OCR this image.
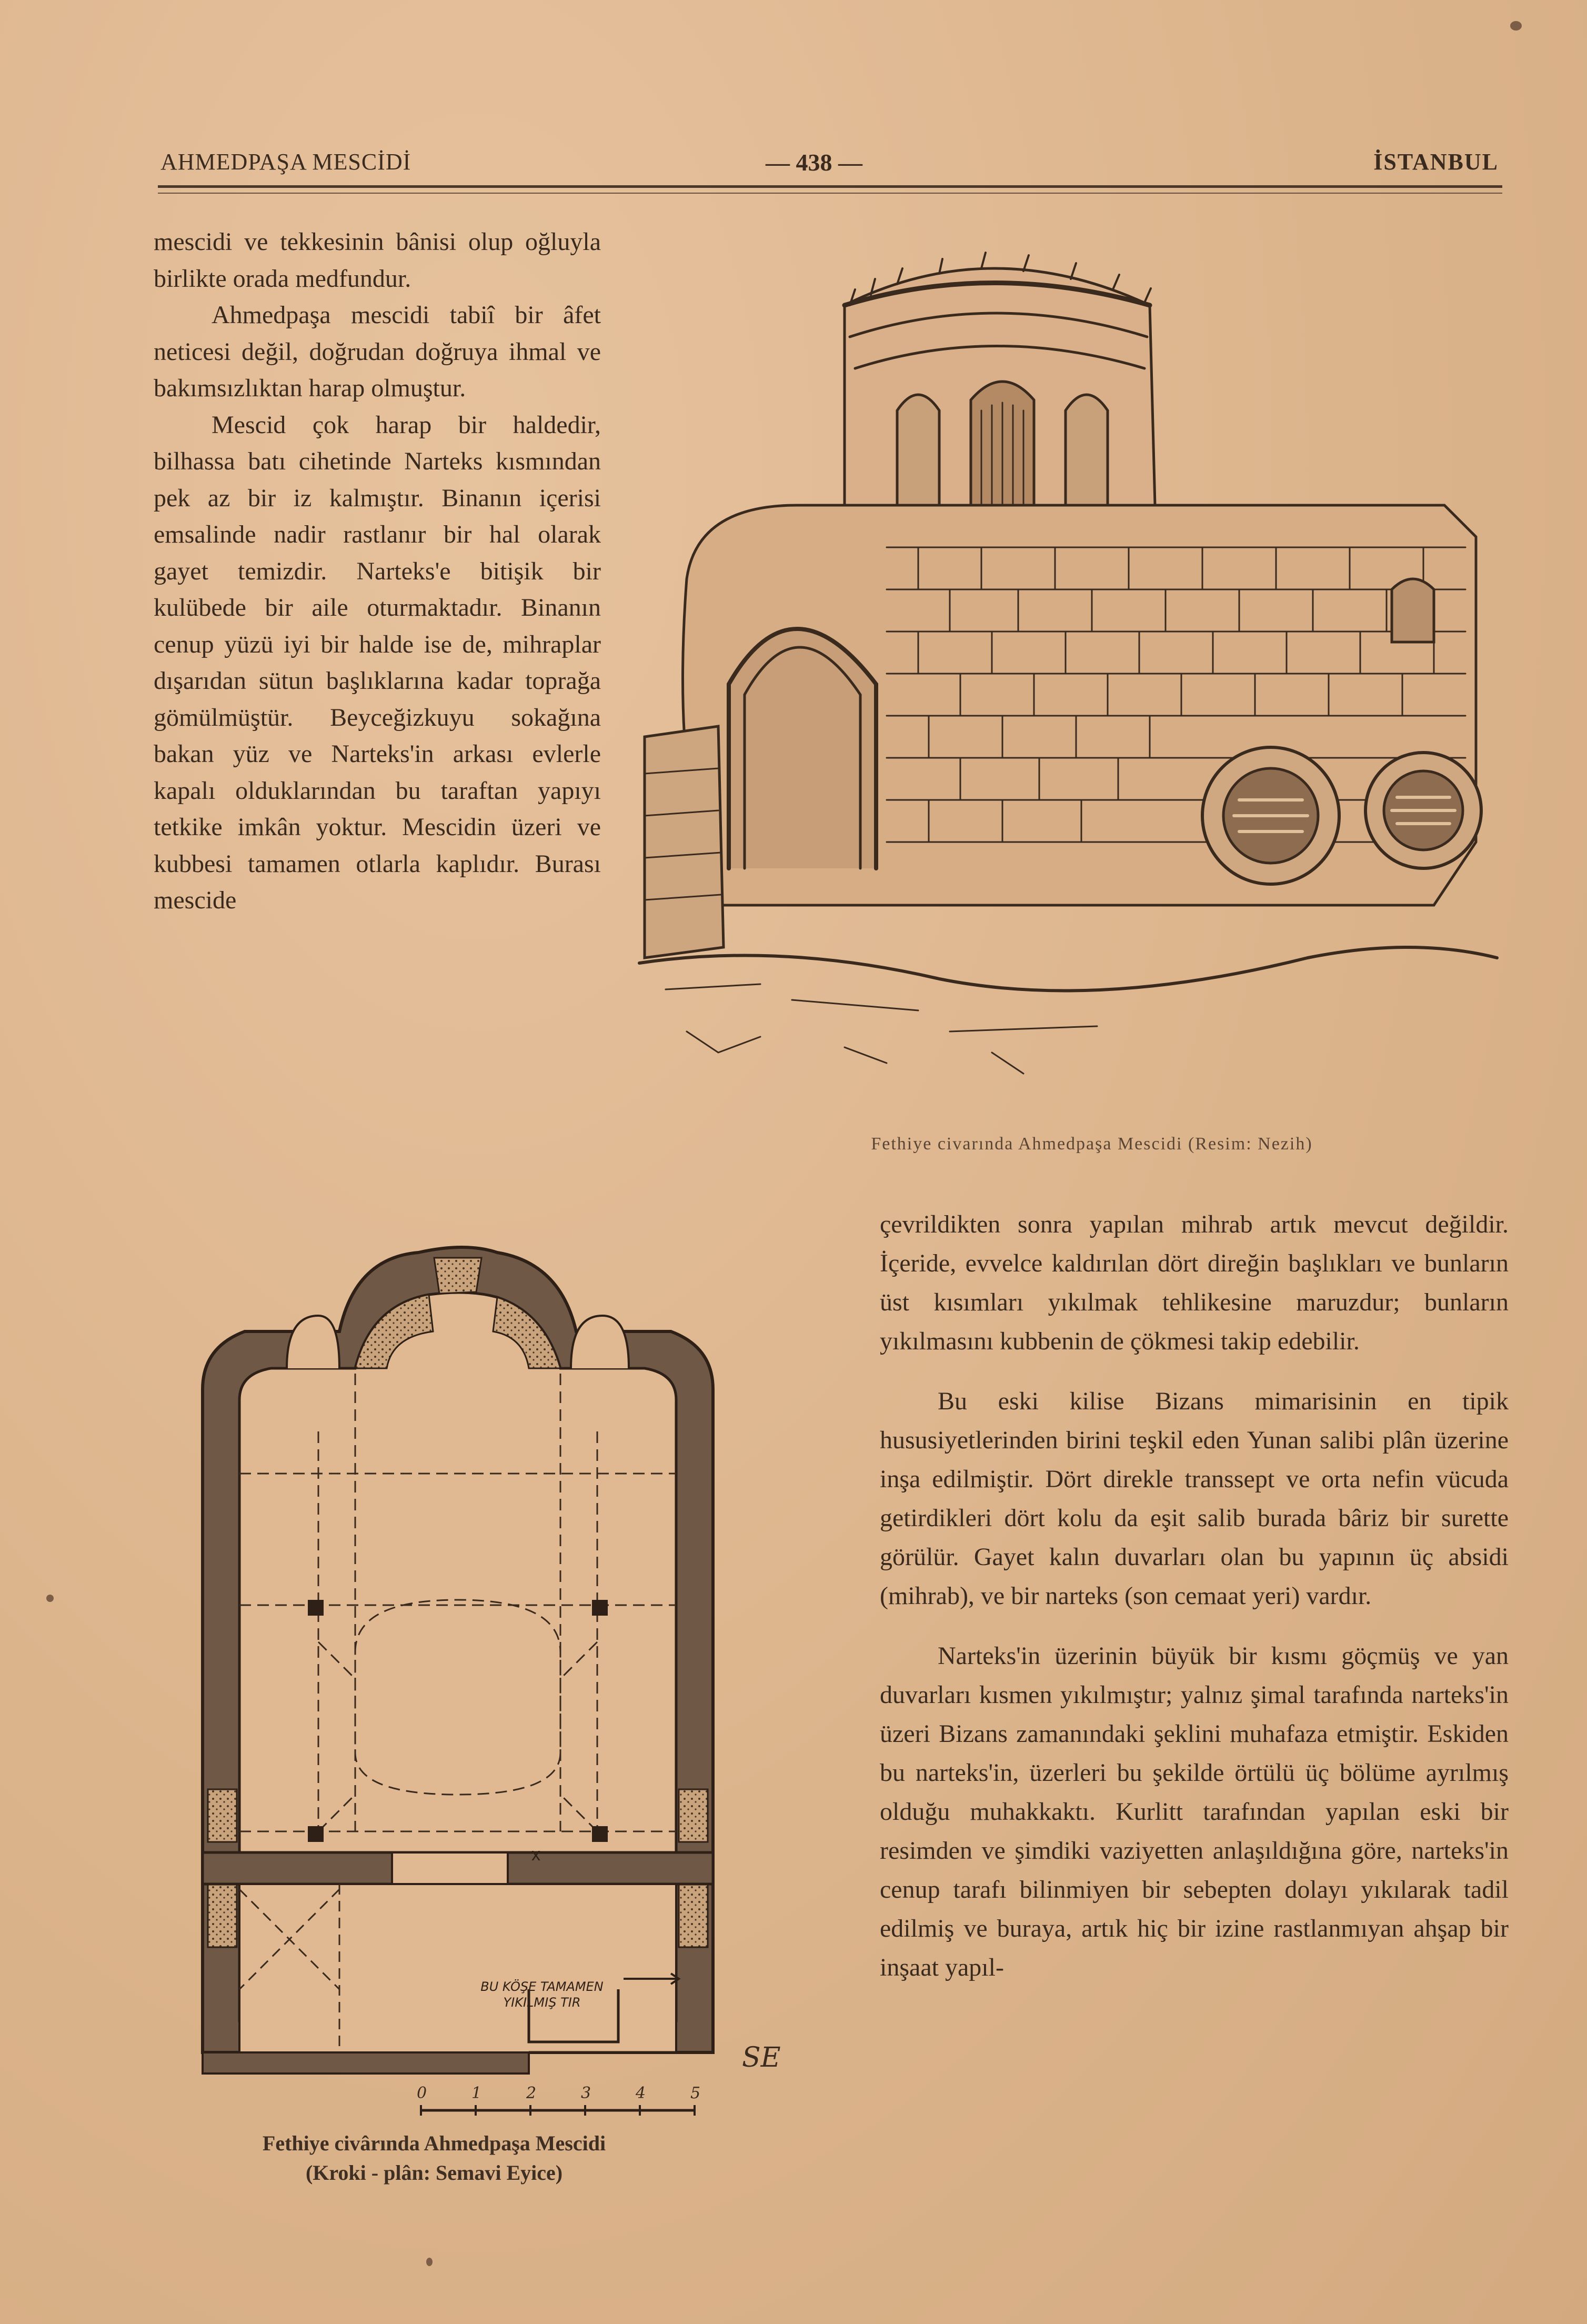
AHMEDPAŞA MESCİDİ	— 438 —	İSTANBUL

mescidi ve tekkesinin bânisi olup oğluyla birlikte orada medfundur.

Ahmedpaşa mescidi tabiî bir âfet neticesi değil, doğrudan doğruya ihmal ve bakımsızlıktan harap olmuştur.

Mescid çok harap bir haldedir, bilhassa batı cihetinde Narteks kısmından pek az bir iz kalmıştır. Binanın içerisi emsalinde nadir rastlanır bir hal olarak gayet temizdir. Narteks'e bitişik bir kulübede bir aile oturmaktadır. Binanın cenup yüzü iyi bir halde ise de, mihraplar dışarıdan sütun başlıklarına kadar toprağa gömülmüştür. Beyceğizkuyu sokağına bakan yüz ve Narteks'in arkası evlerle kapalı olduklarından bu taraftan yapıyı tetkike imkân yoktur. Mescidin üzeri ve kubbesi tamamen otlarla kaplıdır. Burası mescide

Fethiye civarında Ahmedpaşa Mescidi (Resim: Nezih)
x
BU KÖŞE TAMAMEN
YIKILMIŞ TIR
SE
0	1	2	3	4	5
Fethiye civârında Ahmedpaşa Mescidi
(Kroki - plân: Semavi Eyice)

çevrildikten sonra yapılan mihrab artık mevcut değildir. İçeride, evvelce kaldırılan dört direğin başlıkları ve bunların üst kısımları yıkılmak tehlikesine maruzdur; bunların yıkılmasını kubbenin de çökmesi takip edebilir.

Bu eski kilise Bizans mimarisinin en tipik hususiyetlerinden birini teşkil eden Yunan salibi plân üzerine inşa edilmiştir. Dört direkle transsept ve orta nefin vücuda getirdikleri dört kolu da eşit salib burada bâriz bir surette görülür. Gayet kalın duvarları olan bu yapının üç absidi (mihrab), ve bir narteks (son cemaat yeri) vardır.

Narteks'in üzerinin büyük bir kısmı göçmüş ve yan duvarları kısmen yıkılmıştır; yalnız şimal tarafında narteks'in üzeri Bizans zamanındaki şeklini muhafaza etmiştir. Eskiden bu narteks'in, üzerleri bu şekilde örtülü üç bölüme ayrılmış olduğu muhakkaktı. Kurlitt tarafından yapılan eski bir resimden ve şimdiki vaziyetten anlaşıldığına göre, narteks'in cenup tarafı bilinmiyen bir sebepten dolayı yıkılarak tadil edilmiş ve buraya, artık hiç bir izine rastlanmıyan ahşap bir inşaat yapıl-
